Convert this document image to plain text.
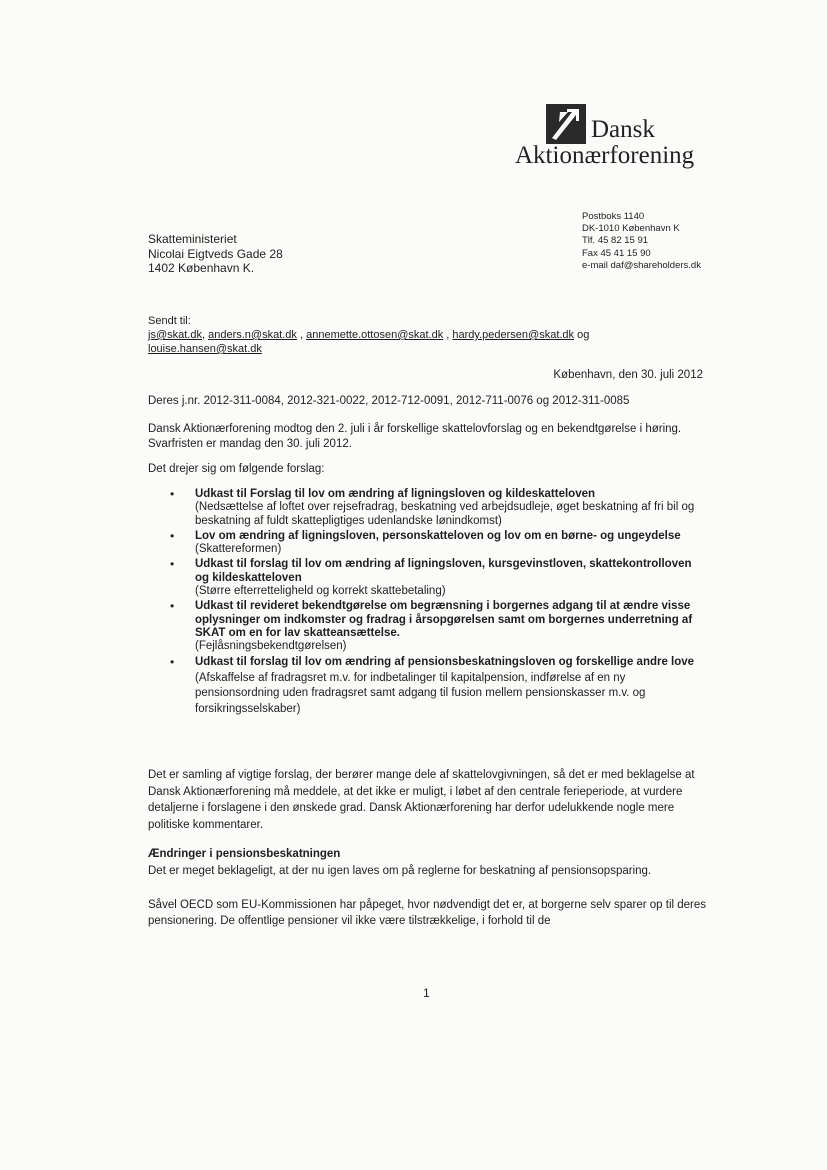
Dansk
Aktionærforening
Postboks 1140
DK-1010 København K
Tlf. 45 82 15 91
Fax 45 41 15 90
e-mail daf@shareholders.dk
Skatteministeriet
Nicolai Eigtveds Gade 28
1402 København K.
Sendt til:
js@skat.dk, anders.n@skat.dk , annemette.ottosen@skat.dk , hardy.pedersen@skat.dk og
louise.hansen@skat.dk
København, den 30. juli 2012
Deres j.nr. 2012-311-0084, 2012-321-0022, 2012-712-0091, 2012-711-0076 og 2012-311-0085
Dansk Aktionærforening modtog den 2. juli i år forskellige skattelovforslag og en bekendtgørelse i høring. Svarfristen er mandag den 30. juli 2012.
Det drejer sig om følgende forslag:
• Udkast til Forslag til lov om ændring af ligningsloven og kildeskatteloven
(Nedsættelse af loftet over rejsefradrag, beskatning ved arbejdsudleje, øget beskatning af fri bil og beskatning af fuldt skattepligtiges udenlandske lønindkomst)
• Lov om ændring af ligningsloven, personskatteloven og lov om en børne- og ungeydelse
(Skattereformen)
• Udkast til forslag til lov om ændring af ligningsloven, kursgevinstloven, skattekontrolloven og kildeskatteloven
(Større efterretteligheld og korrekt skattebetaling)
• Udkast til revideret bekendtgørelse om begrænsning i borgernes adgang til at ændre visse oplysninger om indkomster og fradrag i årsopgørelsen samt om borgernes underretning af SKAT om en for lav skatteansættelse.
(Fejlåsningsbekendtgørelsen)
• Udkast til forslag til lov om ændring af pensionsbeskatningsloven og forskellige andre love
(Afskaffelse af fradragsret m.v. for indbetalinger til kapitalpension, indførelse af en ny pensionsordning uden fradragsret samt adgang til fusion mellem pensionskasser m.v. og forsikringsselskaber)
Det er samling af vigtige forslag, der berører mange dele af skattelovgivningen, så det er med beklagelse at Dansk Aktionærforening må meddele, at det ikke er muligt, i løbet af den centrale ferieperiode, at vurdere detaljerne i forslagene i den ønskede grad. Dansk Aktionærforening har derfor udelukkende nogle mere politiske kommentarer.
Ændringer i pensionsbeskatningen
Det er meget beklageligt, at der nu igen laves om på reglerne for beskatning af pensionsopsparing.
Såvel OECD som EU-Kommissionen har påpeget, hvor nødvendigt det er, at borgerne selv sparer op til deres pensionering. De offentlige pensioner vil ikke være tilstrækkelige, i forhold til de
1
